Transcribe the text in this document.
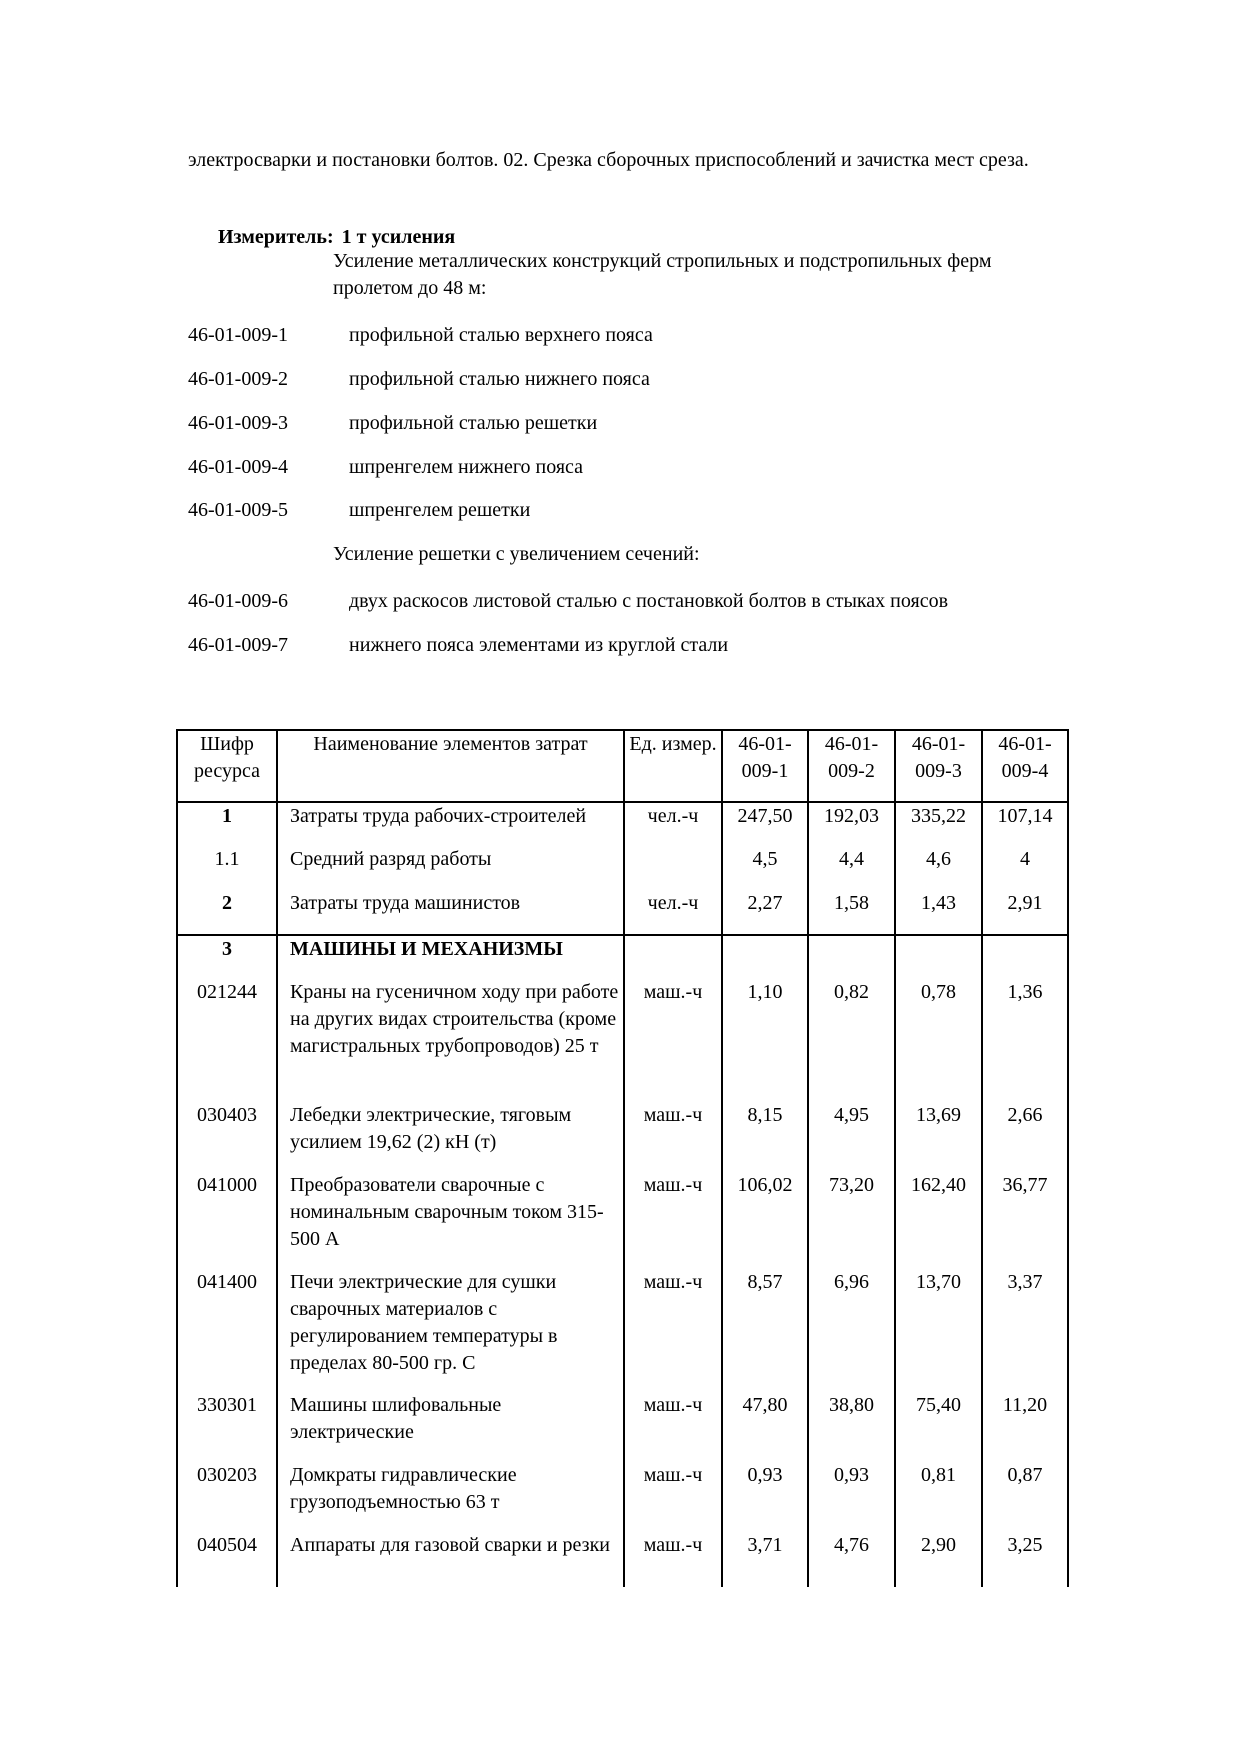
электросварки и постановки болтов. 02. Срезка сборочных приспособлений и зачистка мест среза.
Измеритель: 1 т усиления
Усиление металлических конструкций стропильных и подстропильных ферм пролетом до 48 м:
46-01-009-1	профильной сталью верхнего пояса
46-01-009-2	профильной сталью нижнего пояса
46-01-009-3	профильной сталью решетки
46-01-009-4	шпренгелем нижнего пояса
46-01-009-5	шпренгелем решетки
Усиление решетки с увеличением сечений:
46-01-009-6	двух раскосов листовой сталью с постановкой болтов в стыках поясов
46-01-009-7	нижнего пояса элементами из круглой стали
Шифр ресурса	Наименование элементов затрат	Ед. измер.	46-01-009-1	46-01-009-2	46-01-009-3	46-01-009-4
1	Затраты труда рабочих-строителей	чел.-ч	247,50	192,03	335,22	107,14
1.1	Средний разряд работы		4,5	4,4	4,6	4
2	Затраты труда машинистов	чел.-ч	2,27	1,58	1,43	2,91
3	МАШИНЫ И МЕХАНИЗМЫ					
021244	Краны на гусеничном ходу при работе на других видах строительства (кроме магистральных трубопроводов) 25 т	маш.-ч	1,10	0,82	0,78	1,36
030403	Лебедки электрические, тяговым усилием 19,62 (2) кН (т)	маш.-ч	8,15	4,95	13,69	2,66
041000	Преобразователи сварочные с номинальным сварочным током 315-500 А	маш.-ч	106,02	73,20	162,40	36,77
041400	Печи электрические для сушки сварочных материалов с регулированием температуры в пределах 80-500 гр. С	маш.-ч	8,57	6,96	13,70	3,37
330301	Машины шлифовальные электрические	маш.-ч	47,80	38,80	75,40	11,20
030203	Домкраты гидравлические грузоподъемностью 63 т	маш.-ч	0,93	0,93	0,81	0,87
040504	Аппараты для газовой сварки и резки	маш.-ч	3,71	4,76	2,90	3,25
